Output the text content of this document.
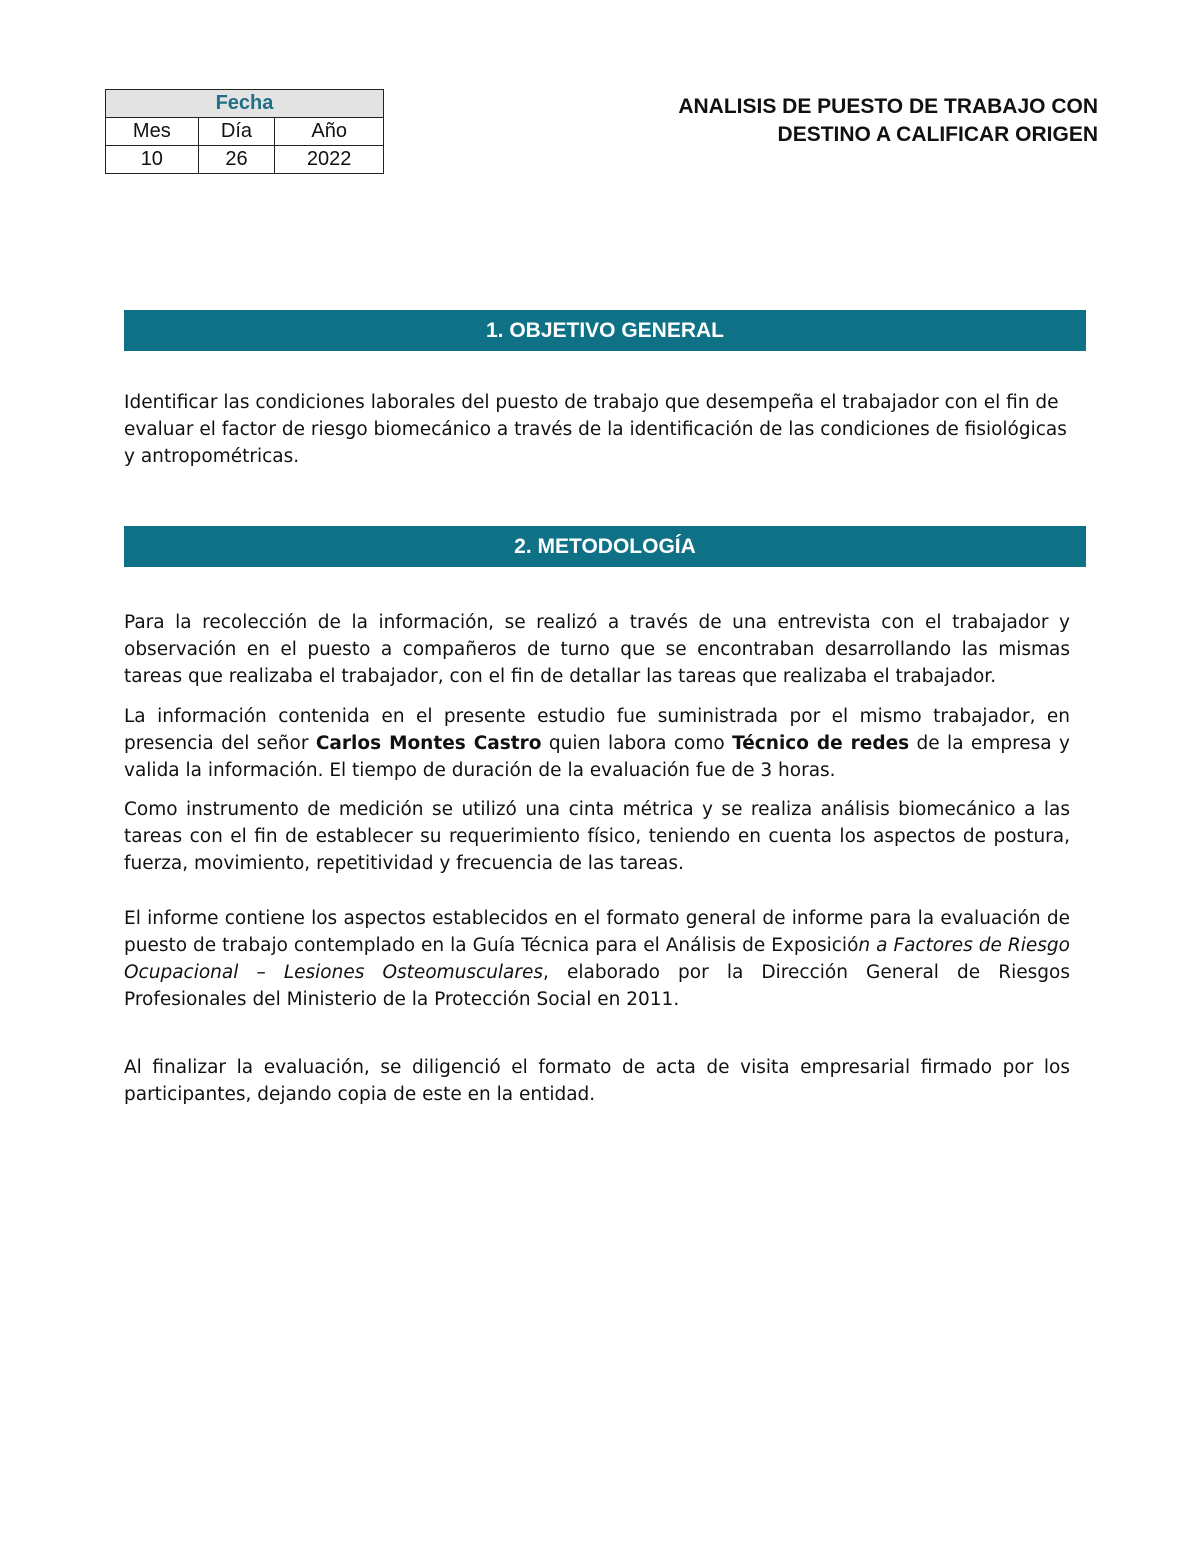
Fecha		
Mes	Día	Año
10	26	2022
ANALISIS DE PUESTO DE TRABAJO CON
DESTINO A CALIFICAR ORIGEN
1. OBJETIVO GENERAL

Identificar las condiciones laborales del puesto de trabajo que desempeña el trabajador con el fin de evaluar el factor de riesgo biomecánico a través de la identificación de las condiciones de fisiológicas y antropométricas.

2. METODOLOGÍA

Para la recolección de la información, se realizó a través de una entrevista con el trabajador y observación en el puesto a compañeros de turno que se encontraban desarrollando las mismas tareas que realizaba el trabajador, con el fin de detallar las tareas que realizaba el trabajador.

La información contenida en el presente estudio fue suministrada por el mismo trabajador, en presencia del señor Carlos Montes Castro quien labora como Técnico de redes de la empresa y valida la información. El tiempo de duración de la evaluación fue de 3 horas.

Como instrumento de medición se utilizó una cinta métrica y se realiza análisis biomecánico a las tareas con el fin de establecer su requerimiento físico, teniendo en cuenta los aspectos de postura, fuerza, movimiento, repetitividad y frecuencia de las tareas.

El informe contiene los aspectos establecidos en el formato general de informe para la evaluación de puesto de trabajo contemplado en la Guía Técnica para el Análisis de Exposición a Factores de Riesgo Ocupacional – Lesiones Osteomusculares, elaborado por la Dirección General de Riesgos Profesionales del Ministerio de la Protección Social en 2011.

Al finalizar la evaluación, se diligenció el formato de acta de visita empresarial firmado por los participantes, dejando copia de este en la entidad.
